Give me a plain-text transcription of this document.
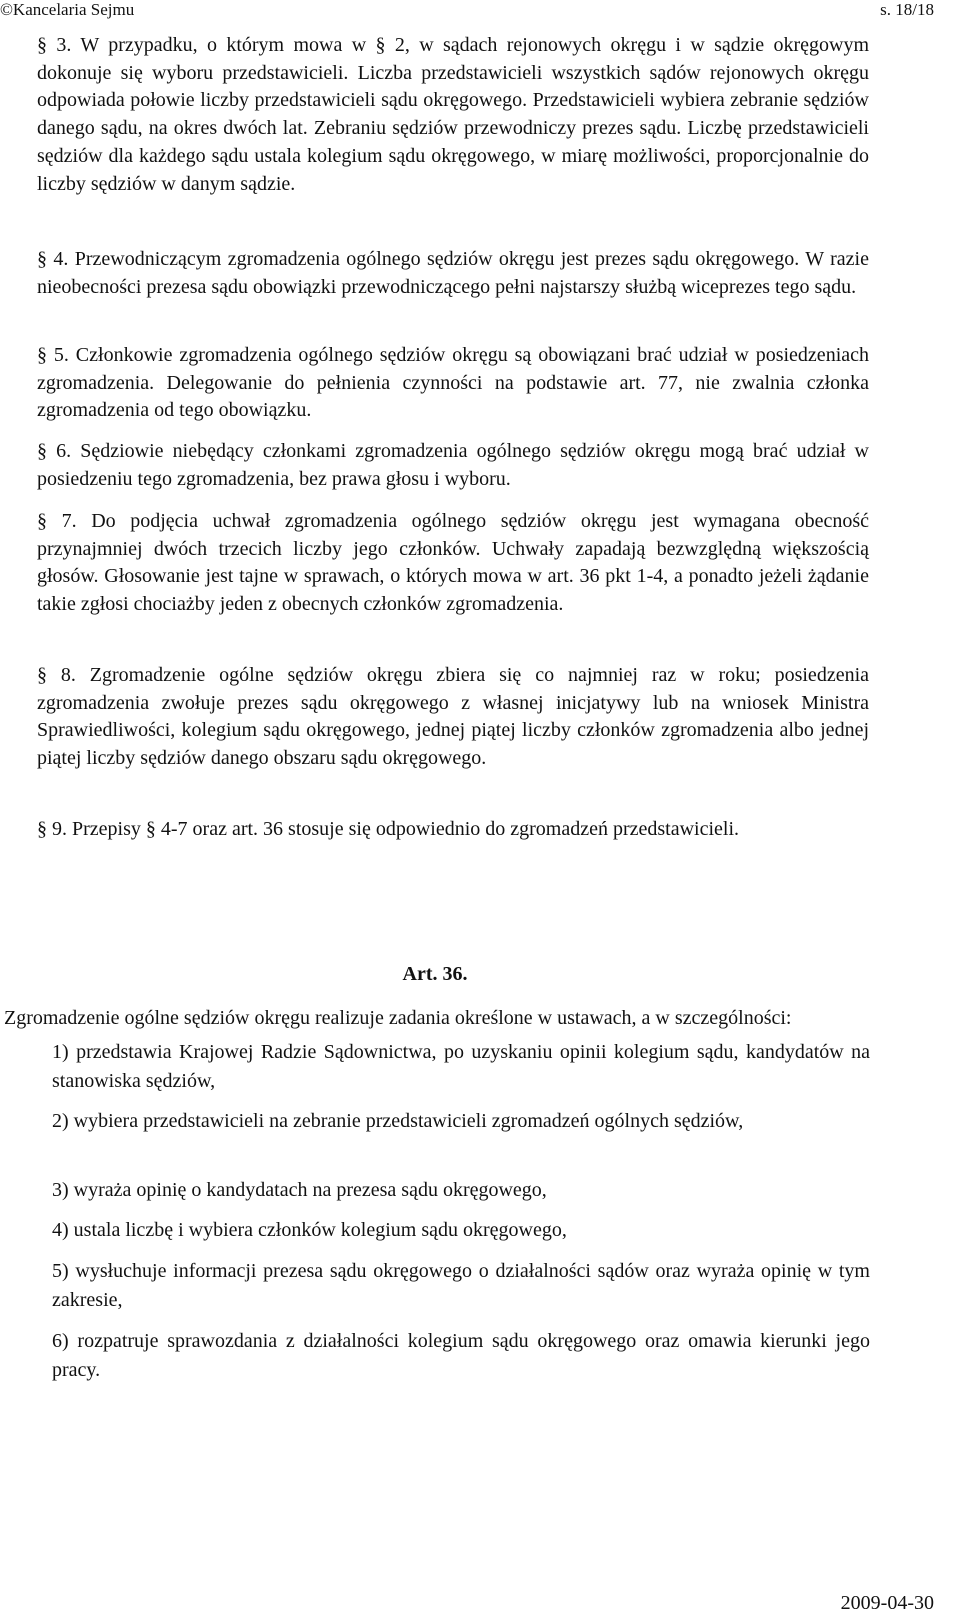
©Kancelaria Sejmu	s. 18/18
§ 3. W przypadku, o którym mowa w § 2, w sądach rejonowych okręgu i w sądzie okręgowym dokonuje się wyboru przedstawicieli. Liczba przedstawicieli wszystkich sądów rejonowych okręgu odpowiada połowie liczby przedstawicieli sądu okręgowego. Przedstawicieli wybiera zebranie sędziów danego sądu, na okres dwóch lat. Zebraniu sędziów przewodniczy prezes sądu. Liczbę przedstawicieli sędziów dla każdego sądu ustala kolegium sądu okręgowego, w miarę możliwości, proporcjonalnie do liczby sędziów w danym sądzie.
§ 4. Przewodniczącym zgromadzenia ogólnego sędziów okręgu jest prezes sądu okręgowego. W razie nieobecności prezesa sądu obowiązki przewodniczącego pełni najstarszy służbą wiceprezes tego sądu.
§ 5. Członkowie zgromadzenia ogólnego sędziów okręgu są obowiązani brać udział w posiedzeniach zgromadzenia. Delegowanie do pełnienia czynności na podstawie art. 77, nie zwalnia członka zgromadzenia od tego obowiązku.
§ 6. Sędziowie niebędący członkami zgromadzenia ogólnego sędziów okręgu mogą brać udział w posiedzeniu tego zgromadzenia, bez prawa głosu i wyboru.
§ 7. Do podjęcia uchwał zgromadzenia ogólnego sędziów okręgu jest wymagana obecność przynajmniej dwóch trzecich liczby jego członków. Uchwały zapadają bezwzględną większością głosów. Głosowanie jest tajne w sprawach, o których mowa w art. 36 pkt 1-4, a ponadto jeżeli żądanie takie zgłosi chociażby jeden z obecnych członków zgromadzenia.
§ 8. Zgromadzenie ogólne sędziów okręgu zbiera się co najmniej raz w roku; posiedzenia zgromadzenia zwołuje prezes sądu okręgowego z własnej inicjatywy lub na wniosek Ministra Sprawiedliwości, kolegium sądu okręgowego, jednej piątej liczby członków zgromadzenia albo jednej piątej liczby sędziów danego obszaru sądu okręgowego.
§ 9. Przepisy § 4-7 oraz art. 36 stosuje się odpowiednio do zgromadzeń przedstawicieli.
Art. 36.
Zgromadzenie ogólne sędziów okręgu realizuje zadania określone w ustawach, a w szczególności:
1) przedstawia Krajowej Radzie Sądownictwa, po uzyskaniu opinii kolegium sądu, kandydatów na stanowiska sędziów,
2) wybiera przedstawicieli na zebranie przedstawicieli zgromadzeń ogólnych sędziów,
3) wyraża opinię o kandydatach na prezesa sądu okręgowego,
4) ustala liczbę i wybiera członków kolegium sądu okręgowego,
5) wysłuchuje informacji prezesa sądu okręgowego o działalności sądów oraz wyraża opinię w tym zakresie,
6) rozpatruje sprawozdania z działalności kolegium sądu okręgowego oraz omawia kierunki jego pracy.
2009-04-30
